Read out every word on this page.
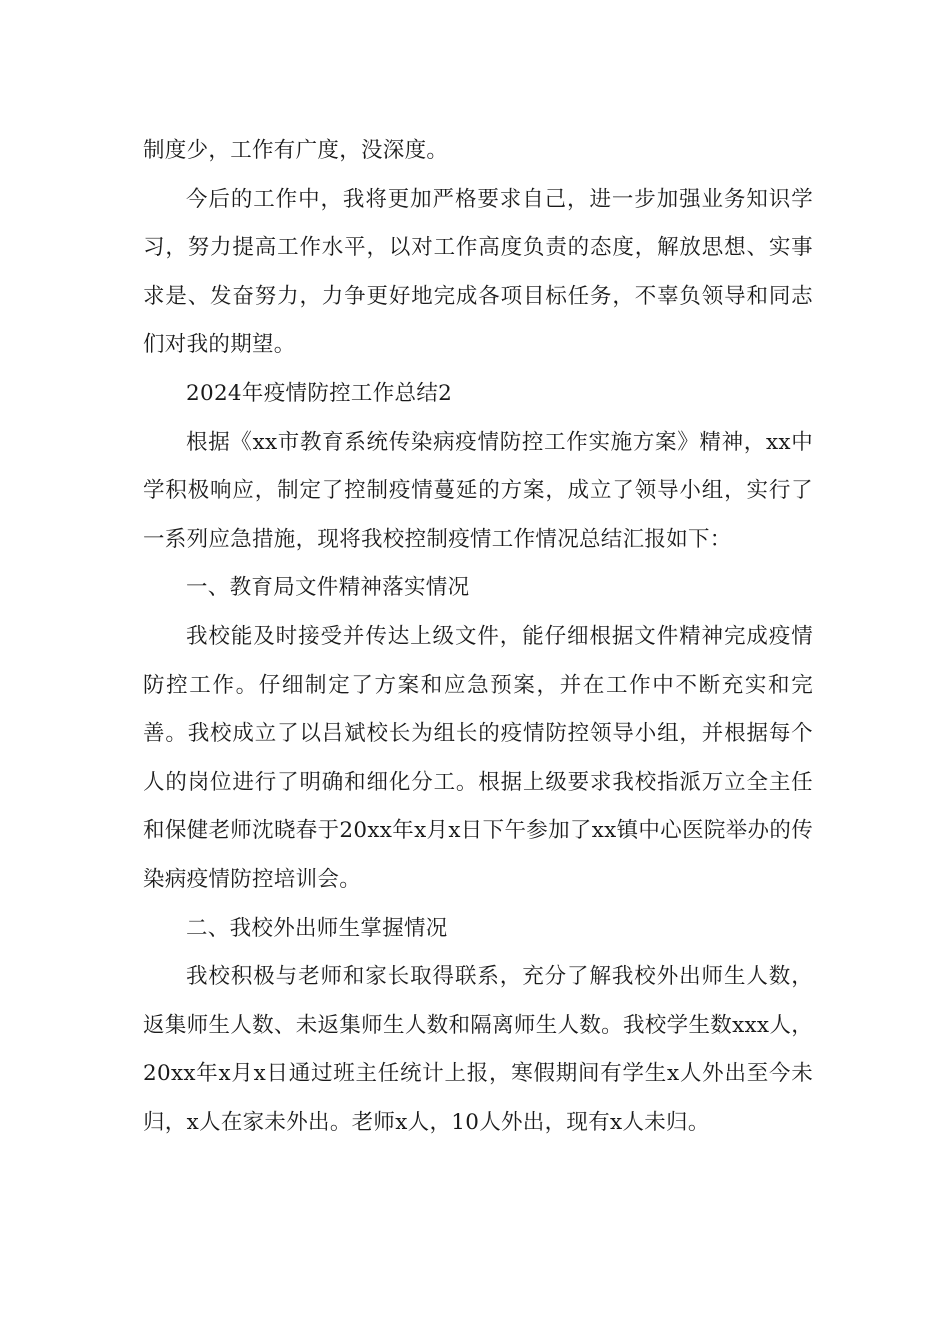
制度少，工作有广度，没深度。

今后的工作中，我将更加严格要求自己，进一步加强业务知识学习，努力提高工作水平，以对工作高度负责的态度，解放思想、实事求是、发奋努力，力争更好地完成各项目标任务，不辜负领导和同志们对我的期望。

2024年疫情防控工作总结2

根据《xx市教育系统传染病疫情防控工作实施方案》精神，xx中学积极响应，制定了控制疫情蔓延的方案，成立了领导小组，实行了一系列应急措施，现将我校控制疫情工作情况总结汇报如下：

一、教育局文件精神落实情况

我校能及时接受并传达上级文件，能仔细根据文件精神完成疫情防控工作。仔细制定了方案和应急预案，并在工作中不断充实和完善。我校成立了以吕斌校长为组长的疫情防控领导小组，并根据每个人的岗位进行了明确和细化分工。根据上级要求我校指派万立全主任和保健老师沈晓春于20xx年x月x日下午参加了xx镇中心医院举办的传染病疫情防控培训会。

二、我校外出师生掌握情况

我校积极与老师和家长取得联系，充分了解我校外出师生人数，返集师生人数、未返集师生人数和隔离师生人数。我校学生数xxx人，20xx年x月x日通过班主任统计上报，寒假期间有学生x人外出至今未归，x人在家未外出。老师x人，10人外出，现有x人未归。
